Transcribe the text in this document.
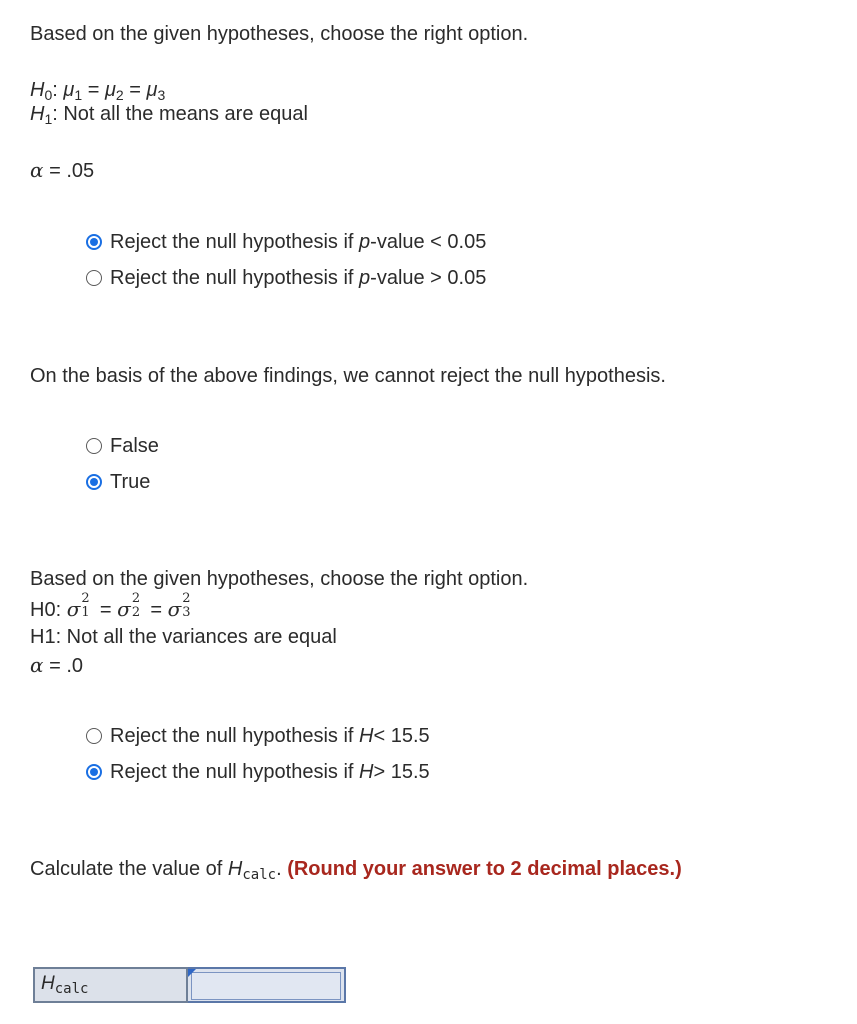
Based on the given hypotheses, choose the right option.
$H_0$: $\mu_1 = \mu_2 = \mu_3$
$H_1$: Not all the means are equal
α = .05
Reject the null hypothesis if
p -value < 0.05
Reject the null hypothesis if
p -value > 0.05
On the basis of the above findings, we cannot reject the null hypothesis.
False
True
Based on the given hypotheses, choose the right option.
H0: σ 2
1 = σ 2
2 = σ 2
3
H1: Not all the variances are equal
α = .0
Reject the null hypothesis if
H < 15.5
Reject the null hypothesis if
H > 15.5
Calculate the value of $H_{calc}$. (Round your answer to 2 decimal places.)
$H_{calc}$
